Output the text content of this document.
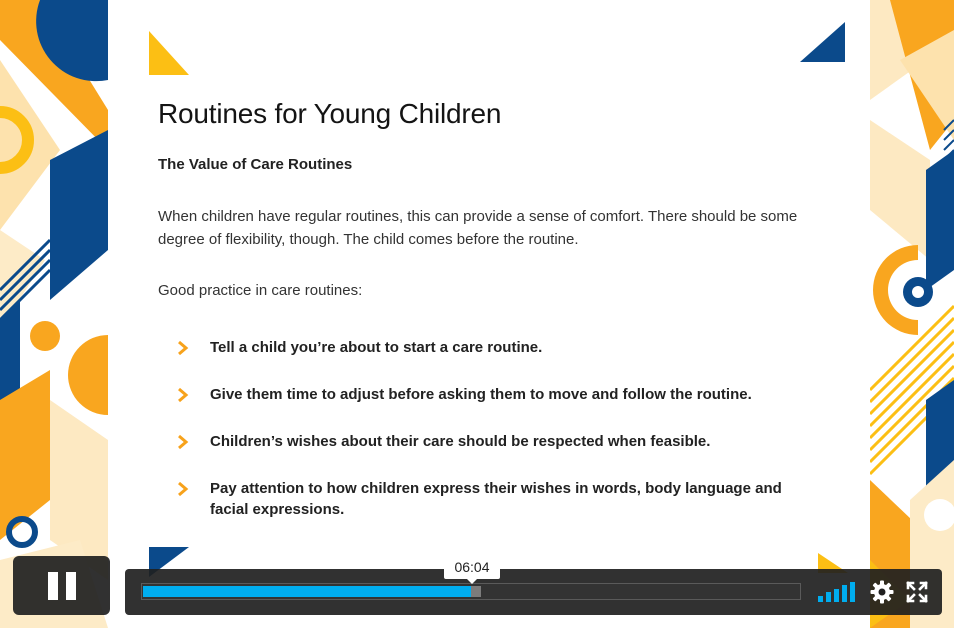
Routines for Young Children
The Value of Care Routines

When children have regular routines, this can provide a sense of comfort. There should be some degree of flexibility, though. The child comes before the routine.

Good practice in care routines:

Tell a child you’re about to start a care routine.
Give them time to adjust before asking them to move and follow the routine.
Children’s wishes about their care should be respected when feasible.
Pay attention to how children express their wishes in words, body language and facial expressions.
06:04
